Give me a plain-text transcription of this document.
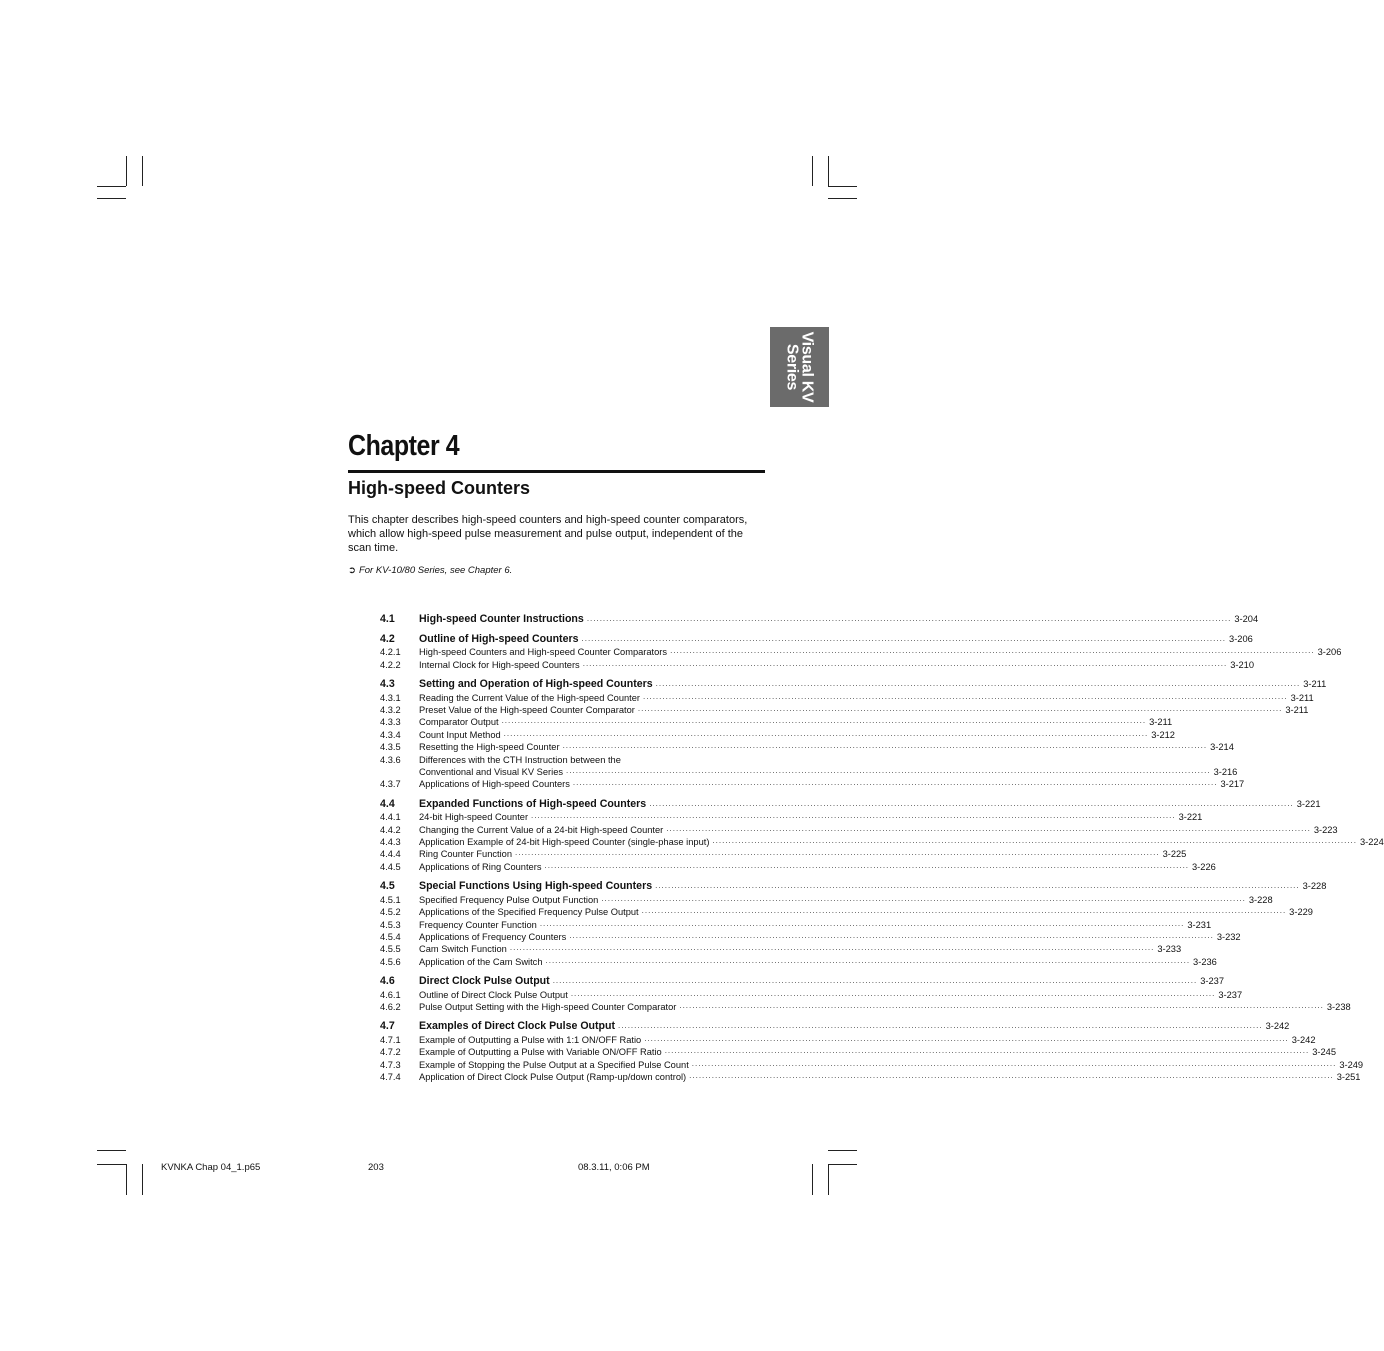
Visual KV
Series
Chapter 4
High-speed Counters
This chapter describes high-speed counters and high-speed counter comparators, which allow high-speed pulse measurement and pulse output, independent of the scan time.
➲ For KV-10/80 Series, see Chapter 6.
4.1	High-speed Counter Instructions ........................................................................................................................................................................................................ 3-204
4.2	Outline of High-speed Counters ........................................................................................................................................................................................................ 3-206
4.2.1	High-speed Counters and High-speed Counter Comparators ........................................................................................................................................................................................................ 3-206
4.2.2	Internal Clock for High-speed Counters ........................................................................................................................................................................................................ 3-210
4.3	Setting and Operation of High-speed Counters ........................................................................................................................................................................................................ 3-211
4.3.1	Reading the Current Value of the High-speed Counter ........................................................................................................................................................................................................ 3-211
4.3.2	Preset Value of the High-speed Counter Comparator ........................................................................................................................................................................................................ 3-211
4.3.3	Comparator Output ........................................................................................................................................................................................................ 3-211
4.3.4	Count Input Method ........................................................................................................................................................................................................ 3-212
4.3.5	Resetting the High-speed Counter ........................................................................................................................................................................................................ 3-214
4.3.6	Differences with the CTH Instruction between the
Conventional and Visual KV Series ........................................................................................................................................................................................................ 3-216
4.3.7	Applications of High-speed Counters ........................................................................................................................................................................................................ 3-217
4.4	Expanded Functions of High-speed Counters ........................................................................................................................................................................................................ 3-221
4.4.1	24-bit High-speed Counter ........................................................................................................................................................................................................ 3-221
4.4.2	Changing the Current Value of a 24-bit High-speed Counter ........................................................................................................................................................................................................ 3-223
4.4.3	Application Example of 24-bit High-speed Counter (single-phase input) ........................................................................................................................................................................................................ 3-224
4.4.4	Ring Counter Function ........................................................................................................................................................................................................ 3-225
4.4.5	Applications of Ring Counters ........................................................................................................................................................................................................ 3-226
4.5	Special Functions Using High-speed Counters ........................................................................................................................................................................................................ 3-228
4.5.1	Specified Frequency Pulse Output Function ........................................................................................................................................................................................................ 3-228
4.5.2	Applications of the Specified Frequency Pulse Output ........................................................................................................................................................................................................ 3-229
4.5.3	Frequency Counter Function ........................................................................................................................................................................................................ 3-231
4.5.4	Applications of Frequency Counters ........................................................................................................................................................................................................ 3-232
4.5.5	Cam Switch Function ........................................................................................................................................................................................................ 3-233
4.5.6	Application of the Cam Switch ........................................................................................................................................................................................................ 3-236
4.6	Direct Clock Pulse Output ........................................................................................................................................................................................................ 3-237
4.6.1	Outline of Direct Clock Pulse Output ........................................................................................................................................................................................................ 3-237
4.6.2	Pulse Output Setting with the High-speed Counter Comparator ........................................................................................................................................................................................................ 3-238
4.7	Examples of Direct Clock Pulse Output ........................................................................................................................................................................................................ 3-242
4.7.1	Example of Outputting a Pulse with 1:1 ON/OFF Ratio ........................................................................................................................................................................................................ 3-242
4.7.2	Example of Outputting a Pulse with Variable ON/OFF Ratio ........................................................................................................................................................................................................ 3-245
4.7.3	Example of Stopping the Pulse Output at a Specified Pulse Count ........................................................................................................................................................................................................ 3-249
4.7.4	Application of Direct Clock Pulse Output (Ramp-up/down control) ........................................................................................................................................................................................................ 3-251
KVNKA Chap 04_1.p65	203	08.3.11, 0:06 PM
